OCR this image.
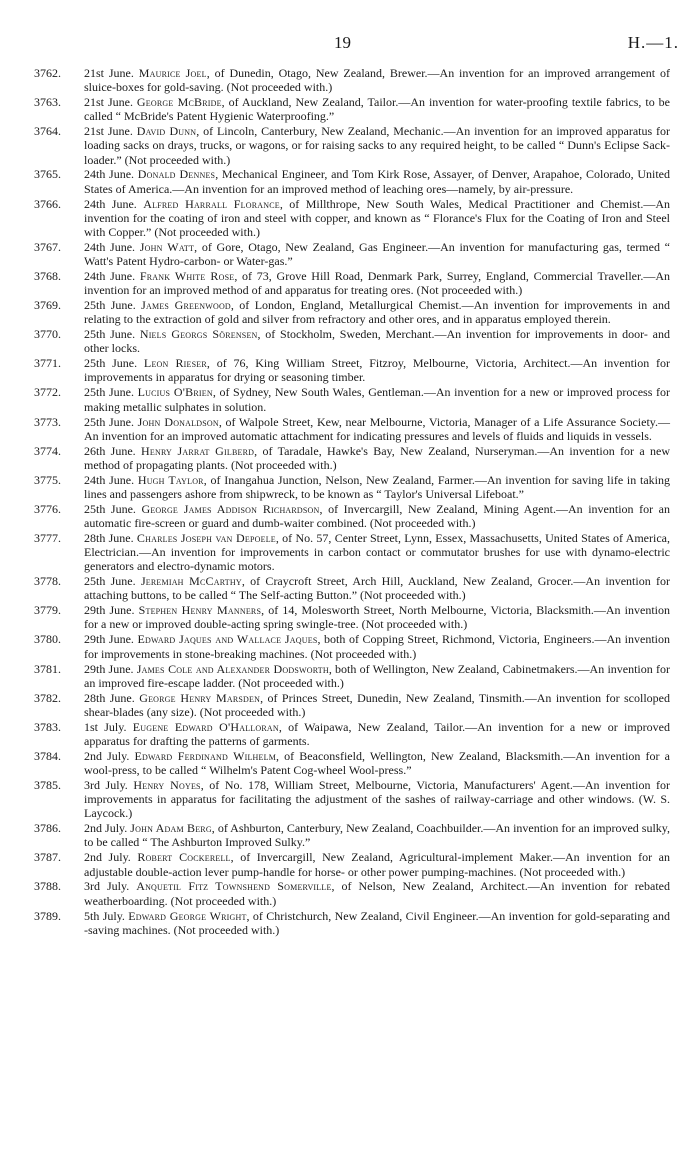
19	H.—1.
3762.	21st June. Maurice Joel, of Dunedin, Otago, New Zealand, Brewer.—An invention for an improved arrangement of sluice-boxes for gold-saving. (Not proceeded with.)
3763.	21st June. George McBride, of Auckland, New Zealand, Tailor.—An invention for water-proofing textile fabrics, to be called “ McBride's Patent Hygienic Waterproofing.”
3764.	21st June. David Dunn, of Lincoln, Canterbury, New Zealand, Mechanic.—An invention for an improved apparatus for loading sacks on drays, trucks, or wagons, or for raising sacks to any required height, to be called “ Dunn's Eclipse Sack-loader.” (Not proceeded with.)
3765.	24th June. Donald Dennes, Mechanical Engineer, and Tom Kirk Rose, Assayer, of Denver, Arapahoe, Colorado, United States of America.—An invention for an improved method of leaching ores—namely, by air-pressure.
3766.	24th June. Alfred Harrall Florance, of Millthrope, New South Wales, Medical Practitioner and Chemist.—An invention for the coating of iron and steel with copper, and known as “ Florance's Flux for the Coating of Iron and Steel with Copper.” (Not proceeded with.)
3767.	24th June. John Watt, of Gore, Otago, New Zealand, Gas Engineer.—An invention for manufacturing gas, termed “ Watt's Patent Hydro-carbon- or Water-gas.”
3768.	24th June. Frank White Rose, of 73, Grove Hill Road, Denmark Park, Surrey, England, Commercial Traveller.—An invention for an improved method of and apparatus for treating ores. (Not proceeded with.)
3769.	25th June. James Greenwood, of London, England, Metallurgical Chemist.—An invention for improvements in and relating to the extraction of gold and silver from refractory and other ores, and in apparatus employed therein.
3770.	25th June. Niels Georgs Sörensen, of Stockholm, Sweden, Merchant.—An invention for improvements in door- and other locks.
3771.	25th June. Leon Rieser, of 76, King William Street, Fitzroy, Melbourne, Victoria, Architect.—An invention for improvements in apparatus for drying or seasoning timber.
3772.	25th June. Lucius O'Brien, of Sydney, New South Wales, Gentleman.—An invention for a new or improved process for making metallic sulphates in solution.
3773.	25th June. John Donaldson, of Walpole Street, Kew, near Melbourne, Victoria, Manager of a Life Assurance Society.—An invention for an improved automatic attachment for indicating pressures and levels of fluids and liquids in vessels.
3774.	26th June. Henry Jarrat Gilberd, of Taradale, Hawke's Bay, New Zealand, Nurseryman.—An invention for a new method of propagating plants. (Not proceeded with.)
3775.	24th June. Hugh Taylor, of Inangahua Junction, Nelson, New Zealand, Farmer.—An invention for saving life in taking lines and passengers ashore from shipwreck, to be known as “ Taylor's Universal Lifeboat.”
3776.	25th June. George James Addison Richardson, of Invercargill, New Zealand, Mining Agent.—An invention for an automatic fire-screen or guard and dumb-waiter combined. (Not proceeded with.)
3777.	28th June. Charles Joseph van Depoele, of No. 57, Center Street, Lynn, Essex, Massachusetts, United States of America, Electrician.—An invention for improvements in carbon contact or commutator brushes for use with dynamo-electric generators and electro-dynamic motors.
3778.	25th June. Jeremiah McCarthy, of Craycroft Street, Arch Hill, Auckland, New Zealand, Grocer.—An invention for attaching buttons, to be called “ The Self-acting Button.” (Not proceeded with.)
3779.	29th June. Stephen Henry Manners, of 14, Molesworth Street, North Melbourne, Victoria, Blacksmith.—An invention for a new or improved double-acting spring swingle-tree. (Not proceeded with.)
3780.	29th June. Edward Jaques and Wallace Jaques, both of Copping Street, Richmond, Victoria, Engineers.—An invention for improvements in stone-breaking machines. (Not proceeded with.)
3781.	29th June. James Cole and Alexander Dodsworth, both of Wellington, New Zealand, Cabinetmakers.—An invention for an improved fire-escape ladder. (Not proceeded with.)
3782.	28th June. George Henry Marsden, of Princes Street, Dunedin, New Zealand, Tinsmith.—An invention for scolloped shear-blades (any size). (Not proceeded with.)
3783.	1st July. Eugene Edward O'Halloran, of Waipawa, New Zealand, Tailor.—An invention for a new or improved apparatus for drafting the patterns of garments.
3784.	2nd July. Edward Ferdinand Wilhelm, of Beaconsfield, Wellington, New Zealand, Blacksmith.—An invention for a wool-press, to be called “ Wilhelm's Patent Cog-wheel Wool-press.”
3785.	3rd July. Henry Noyes, of No. 178, William Street, Melbourne, Victoria, Manufacturers' Agent.—An invention for improvements in apparatus for facilitating the adjustment of the sashes of railway-carriage and other windows. (W. S. Laycock.)
3786.	2nd July. John Adam Berg, of Ashburton, Canterbury, New Zealand, Coachbuilder.—An invention for an improved sulky, to be called “ The Ashburton Improved Sulky.”
3787.	2nd July. Robert Cockerell, of Invercargill, New Zealand, Agricultural-implement Maker.—An invention for an adjustable double-action lever pump-handle for horse- or other power pumping-machines. (Not proceeded with.)
3788.	3rd July. Anquetil Fitz Townshend Somerville, of Nelson, New Zealand, Architect.—An invention for rebated weatherboarding. (Not proceeded with.)
3789.	5th July. Edward George Wright, of Christchurch, New Zealand, Civil Engineer.—An invention for gold-separating and -saving machines. (Not proceeded with.)
